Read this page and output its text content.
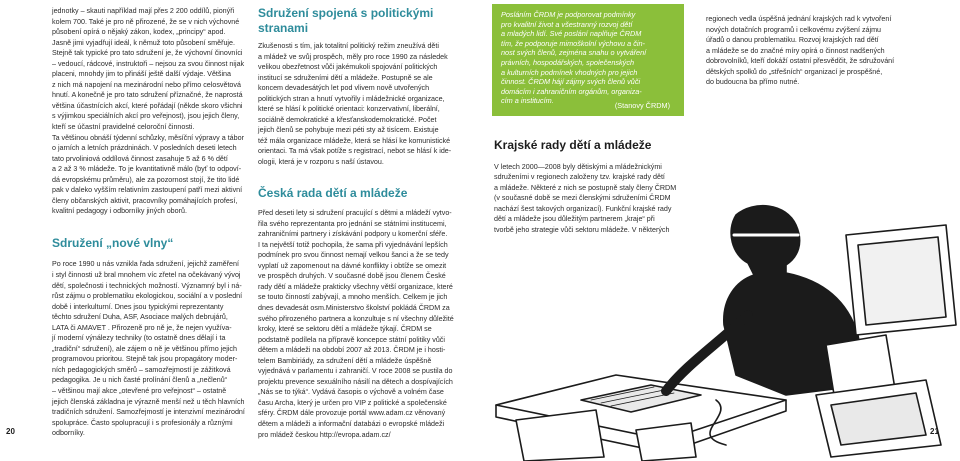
jednotky – skauti například mají přes 2 200 oddílů, pionýři
kolem 700. Také je pro ně přirozené, že se v nich výchovné
působení opírá o nějaký zákon, kodex, „principy“ apod.
Jasně jimi vyjadřují ideál, k němuž toto působení směřuje.
Stejně tak typické pro tato sdružení je, že výchovní činovníci
– vedoucí, rádcové, instruktoři – nejsou za svou činnost nijak
placeni, mnohdy jim to přináší ještě další výdaje. Většina
z nich má napojení na mezinárodní nebo přímo celosvětová
hnutí. A konečně je pro tato sdružení příznačné, že naprostá
většina účastnících akcí, které pořádají (někde skoro všichni
s výjimkou speciálních akcí pro veřejnost), jsou jejich členy,
kteří se účastní pravidelné celoroční činnosti.
Ta většinou obnáší týdenní schůzky, měsíční výpravy a tábor
o jarních a letních prázdninách. V posledních deseti letech
tato prvoliniová oddílová činnost zasahuje 5 až 6 % dětí
a 2 až 3 % mládeže. To je kvantitativně málo (byť to odpoví-
dá evropskému průměru), ale za pozornost stojí, že tito lidé
pak v daleko vyšším relativním zastoupení patří mezi aktivní
členy občanských aktivit, pracovníky pomáhajících profesí,
kvalitní pedagogy i odborníky jiných oborů.

Sdružení „nové vlny“

Po roce 1990 u nás vznikla řada sdružení, jejichž zaměření
i styl činnosti už bral mnohem víc zřetel na očekávaný vývoj
dětí, společnosti i technických možností. Významný byl i ná-
růst zájmu o problematiku ekologickou, sociální a v poslední
době i interkulturní. Dnes jsou typickými reprezentanty
těchto sdružení Duha, ASF, Asociace malých debrujárů,
LATA či AMAVET . Přirozeně pro ně je, že nejen využíva-
jí moderní výnálezy techniky (to ostatně dnes dělají i ta
„tradiční“ sdružení), ale zájem o ně je většinou přímo jejich
programovou prioritou. Stejně tak jsou propagátory moder-
ních pedagogických směrů – samozřejmostí je zážitková
pedagogika. Je u nich časté prolínání členů a „nečlenů“
– většinou mají akce „otevřené pro veřejnost“ – ostatně
jejich členská základna je výrazně menší než u těch hlavních
tradičních sdružení. Samozřejmostí je intenzivní mezinárodní
spolupráce. Často spolupracují i s profesionály a různými
odborníky.

20
Sdružení spojená s politickými
stranami

Zkušenosti s tím, jak totalitní politický režim zneužívá děti
a mládež ve svůj prospěch, měly pro roce 1990 za následek
velikou obezřetnost vůči jakémukoli spojování politických
institucí se sdruženími dětí a mládeže. Postupně se ale
koncem devadesátých let pod vlivem nově utvořených
politických stran a hnutí vytvořily i mládežnické organizace,
které se hlásí k politické orientaci: konzervativní, liberální,
sociálně demokratické a křesťanskodemokratické. Počet
jejich členů se pohybuje mezi péti sty až tisícem. Existuje
též mála organizace mládeže, která se hlásí ke komunistické
orientaci. Ta má však potíže s registrací, nebot se hlásí k ide-
ologii, která je v rozporu s naší ústavou.

Česká rada dětí a mládeže

Před deseti lety si sdružení pracující s dětmi a mládeží vytvo-
řila svého reprezentanta pro jednání se státními institucemi,
zahraničními partnery i získávání podpory u komerční sféře.
I ta největší totiž pochopila, že sama při vyjednávání lepších
podmínek pro svou činnost nemají velkou šanci a že se tedy
vyplatí už zapomenout na dávné konflikty i obtíže se omezit
ve prospěch druhých. V současné době jsou členem České
rady dětí a mládeže prakticky všechny větší organizace, které
se touto činností zabývají, a mnoho menších. Celkem je jich
dnes devadesát osm.Ministerstvo školství pokládá ČRDM za
svého přirozeného partnera a konzultuje s ní všechny důležité
kroky, které se sektoru dětí a mládeže týkají. ČRDM se
podstatně podílela na přípravě koncepce státní politiky vůči
dětem a mládeži na období 2007 až 2013. ČRDM je i hosti-
telem Bambiriády, za sdružení dětí a mládeže úspěšně
vyjednává v parlamentu i zahraničí. V roce 2008 se pustila do
projektu prevence sexuálního násilí na dětech a dospívajících
„Nás se to týká“. Vydává časopis o výchově a volném čase
času Archa, který je určen pro VIP z politické a společenské
sféry. ČRDM dále provozuje portál www.adam.cz věnovaný
dětem a mládeži a informační databázi o evropské mládeži
pro mládež českou http://evropa.adam.cz/

Posláním ČRDM je podporovat podmínky
pro kvalitní život a všestranný rozvoj dětí
a mladých lidí. Své poslání naplňuje ČRDM
tím, že podporuje mimoškolní výchovu a čin-
nost svých členů, zejména snahu o vytváření
právních, hospodářských, společenských
a kulturních podmínek vhodných pro jejich
činnost. ČRDM hájí zájmy svých členů vůči
domácím i zahraničním orgánům, organiza-
cím a institucím.

(Stanovy ČRDM)
Krajské rady dětí a mládeže

V letech 2000—2008 byly dětiskými a mládežnickými
sdruženími v regionech založeny tzv. krajské rady dětí
a mládeže. Některé z nich se postupně staly členy ČRDM
(v současné době se mezi členskými sdruženími ČRDM
nachází šest takových organizací). Funkční krajské rady
dětí a mládeže jsou důležitým partnerem „kraje“ při
tvorbě jeho strategie vůči sektoru mládeže. V některých

regionech vedla úspěšná jednání krajských rad k vytvoření
nových dotačních programů i celkovému zvýšení zájmu
úřadů o danou problematiku. Rozvoj krajských rad dětí
a mládeže se do značné míry opírá o činnost nadšených
dobrovolníků, kteří dokáží ostatní přesvědčit, že sdružování
dětských spolků do „střešních“ organizací je prospěšné,
do budoucna ba přímo nutné.

21
